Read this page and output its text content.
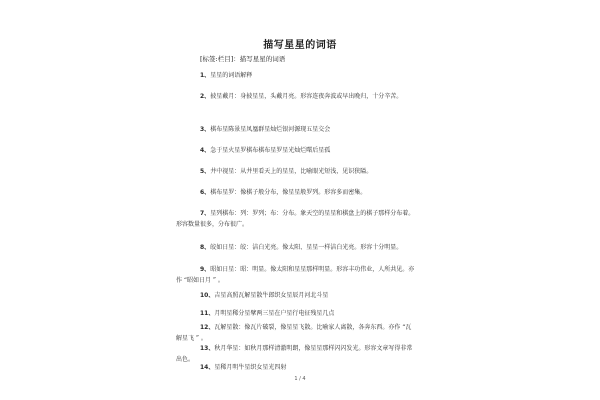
描写星星的词语
[标签:栏目]：描写星星的词语
1、星星的词语解释
2、披星戴月：身披星星，头戴月亮。形容连夜奔波或早出晚归，十分辛苦。
3、棋布星陈景星凤凰群星灿烂银河源现五星交会
4、急于星火星罗棋布棋布星罗星光灿烂曙后星孤
5、井中视星：从井里看天上的星星，比喻眼光短浅，见识狭隘。
6、棋布星罗：像棋子般分布，像星星般罗列。形容多而密集。
7、星列棋布：列：罗列；布：分布。象天空的星星和棋盘上的棋子那样分布着。形容数量很多，分布很广。
8、皎如日星：皎：洁白光亮。像太阳、星星一样洁白光亮。形容十分明显。
9、昭如日星：昭：明显。像太阳和星星那样明显。形容丰功伟业，人所共见。亦作 “昭如日月 ” 。
10、吉星高照瓦解星散牛郎织女星辰月河北斗星
11、月明星稀分星擘两三星在户星行电征残星几点
12、瓦解星散：像瓦片破裂，像星星飞散。比喻家人离散，各奔东西。亦作 “瓦解星飞 ” 。
13、秋月华星：如秋月那样清澈明朗，像星星那样闪闪发光。形容文章写得非常出色。
14、星稀月明牛星织女星光四射
1 / 4
